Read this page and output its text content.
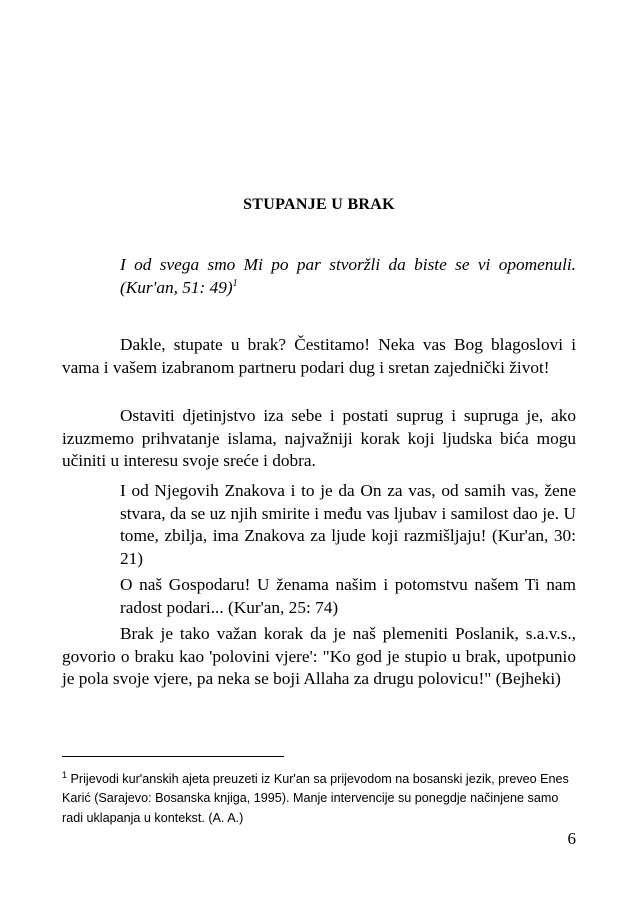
STUPANJE U BRAK
I od svega smo Mi po par stvoržli da biste se vi opomenuli. (Kur'an, 51: 49)$^1$
Dakle, stupate u brak? Čestitamo! Neka vas Bog blagoslovi i vama i vašem izabranom partneru podari dug i sretan zajednički život!
Ostaviti djetinjstvo iza sebe i postati suprug i supruga je, ako izuzmemo prihvatanje islama, najvažniji korak koji ljudska bića mogu učiniti u interesu svoje sreće i dobra.
I od Njegovih Znakova i to je da On za vas, od samih vas, žene stvara, da se uz njih smirite i među vas ljubav i samilost dao je. U tome, zbilja, ima Znakova za ljude koji razmišljaju! (Kur'an, 30: 21)
O naš Gospodaru! U ženama našim i potomstvu našem Ti nam radost podari... (Kur'an, 25: 74)
Brak je tako važan korak da je naš plemeniti Poslanik, s.a.v.s., govorio o braku kao 'polovini vjere': "Ko god je stupio u brak, upotpunio je pola svoje vjere, pa neka se boji Allaha za drugu polovicu!" (Bejheki)
$^1$ Prijevodi kur'anskih ajeta preuzeti iz Kur'an sa prijevodom na bosanski jezik, preveo Enes Karić (Sarajevo: Bosanska knjiga, 1995). Manje intervencije su ponegdje načinjene samo radi uklapanja u kontekst. (A. A.)
6
